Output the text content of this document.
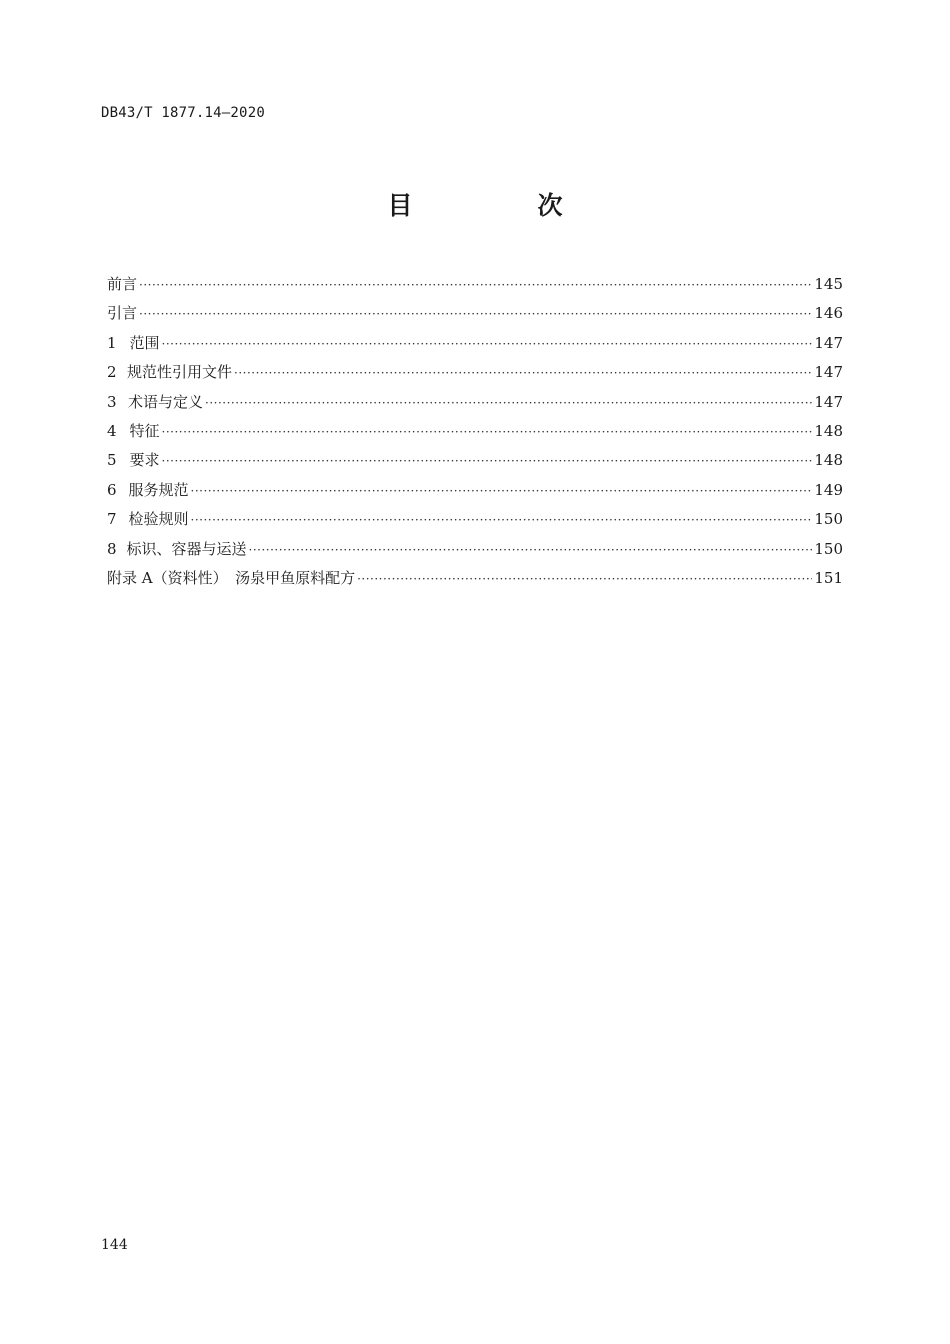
DB43/T 1877.14—2020
目　次
前言 ·····	145
引言 ·····	146
1 范围 ·····	147
2 规范性引用文件 ·····	147
3 术语与定义 ·····	147
4 特征 ·····	148
5 要求 ·····	148
6 服务规范 ·····	149
7 检验规则 ·····	150
8 标识、容器与运送 ·····	150
附录 A（资料性）　汤泉甲鱼原料配方 ·····	151
144
